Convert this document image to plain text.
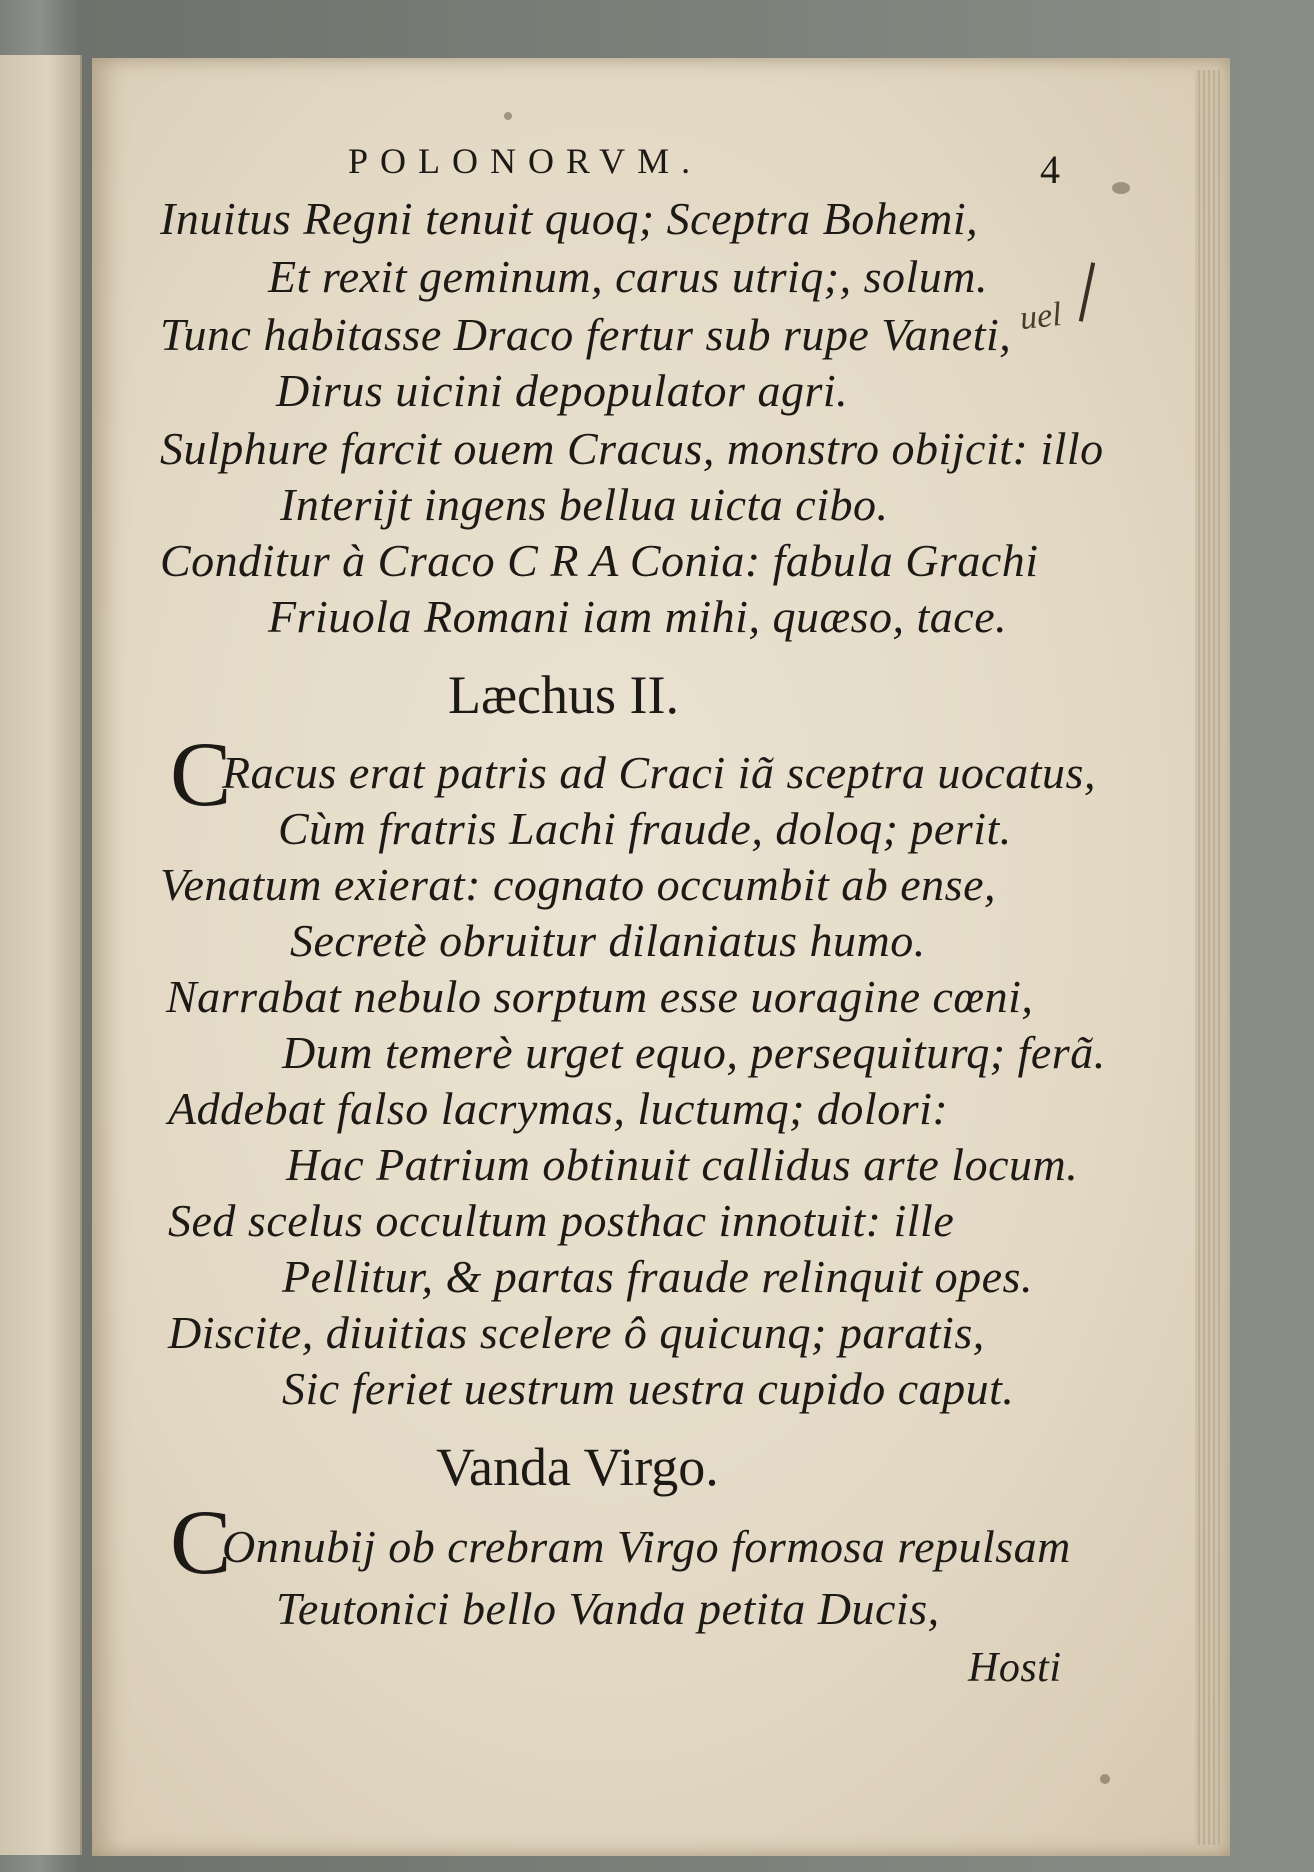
POLONORVM.	4
Inuitus Regni tenuit quoq; Sceptra Bohemi,
Et rexit geminum, carus utriq;, solum.
Tunc habitasse Draco fertur sub rupe Vaneti,
Dirus uicini depopulator agri.
Sulphure farcit ouem Cracus, monstro obijcit: illo
Interijt ingens bellua uicta cibo.
Conditur à Craco C R A Conia: fabula Grachi
Friuola Romani iam mihi, quæso, tace.
uel
Læchus II.
C
Racus erat patris ad Craci iã sceptra uocatus,
Cùm fratris Lachi fraude, doloq; perit.
Venatum exierat: cognato occumbit ab ense,
Secretè obruitur dilaniatus humo.
Narrabat nebulo sorptum esse uoragine cœni,
Dum temerè urget equo, persequiturq; ferã.
Addebat falso lacrymas, luctumq; dolori:
Hac Patrium obtinuit callidus arte locum.
Sed scelus occultum posthac innotuit: ille
Pellitur, & partas fraude relinquit opes.
Discite, diuitias scelere ô quicunq; paratis,
Sic feriet uestrum uestra cupido caput.
Vanda Virgo.
C
Onnubij ob crebram Virgo formosa repulsam
Teutonici bello Vanda petita Ducis,
Hosti
